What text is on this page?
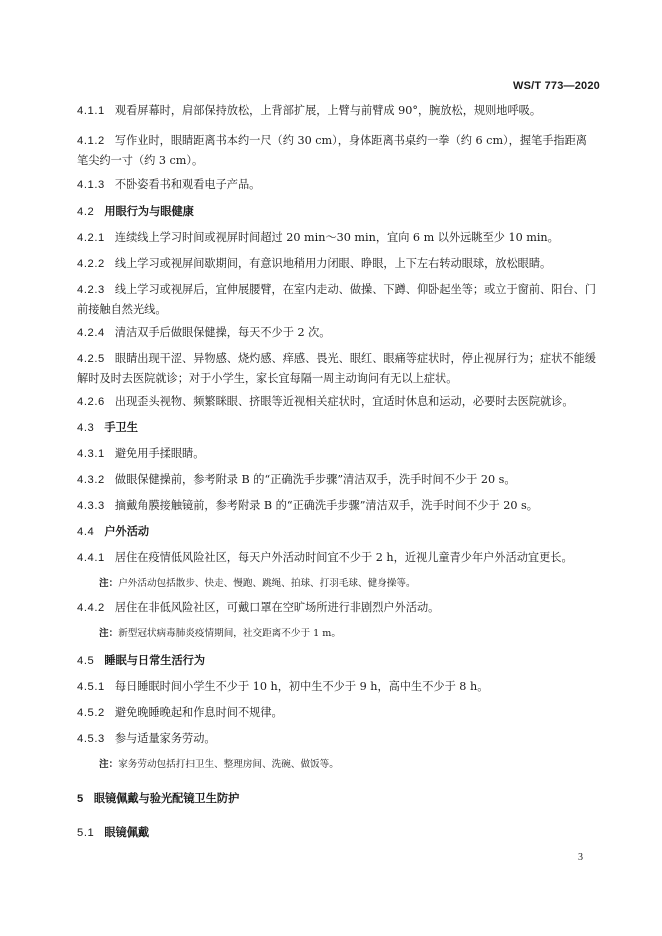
WS/T 773—2020
4.1.1 观看屏幕时，肩部保持放松，上背部扩展，上臂与前臂成 90°，腕放松，规则地呼吸。
4.1.2 写作业时，眼睛距离书本约一尺（约 30 cm），身体距离书桌约一拳（约 6 cm），握笔手指距离笔尖约一寸（约 3 cm）。
4.1.3 不卧姿看书和观看电子产品。
4.2 用眼行为与眼健康
4.2.1 连续线上学习时间或视屏时间超过 20 min～30 min，宜向 6 m 以外远眺至少 10 min。
4.2.2 线上学习或视屏间歇期间，有意识地稍用力闭眼、睁眼，上下左右转动眼球，放松眼睛。
4.2.3 线上学习或视屏后，宜伸展腰臂，在室内走动、做操、下蹲、仰卧起坐等；或立于窗前、阳台、门前接触自然光线。
4.2.4 清洁双手后做眼保健操，每天不少于 2 次。
4.2.5 眼睛出现干涩、异物感、烧灼感、痒感、畏光、眼红、眼痛等症状时，停止视屏行为；症状不能缓解时及时去医院就诊；对于小学生，家长宜每隔一周主动询问有无以上症状。
4.2.6 出现歪头视物、频繁眯眼、挤眼等近视相关症状时，宜适时休息和运动，必要时去医院就诊。
4.3 手卫生
4.3.1 避免用手揉眼睛。
4.3.2 做眼保健操前，参考附录 B 的“正确洗手步骤”清洁双手，洗手时间不少于 20 s。
4.3.3 摘戴角膜接触镜前，参考附录 B 的“正确洗手步骤”清洁双手，洗手时间不少于 20 s。
4.4 户外活动
4.4.1 居住在疫情低风险社区，每天户外活动时间宜不少于 2 h，近视儿童青少年户外活动宜更长。
注：户外活动包括散步、快走、慢跑、跳绳、拍球、打羽毛球、健身操等。
4.4.2 居住在非低风险社区，可戴口罩在空旷场所进行非剧烈户外活动。
注：新型冠状病毒肺炎疫情期间，社交距离不少于 1 m。
4.5 睡眠与日常生活行为
4.5.1 每日睡眠时间小学生不少于 10 h，初中生不少于 9 h，高中生不少于 8 h。
4.5.2 避免晚睡晚起和作息时间不规律。
4.5.3 参与适量家务劳动。
注：家务劳动包括打扫卫生、整理房间、洗碗、做饭等。
5 眼镜佩戴与验光配镜卫生防护
5.1 眼镜佩戴
3
